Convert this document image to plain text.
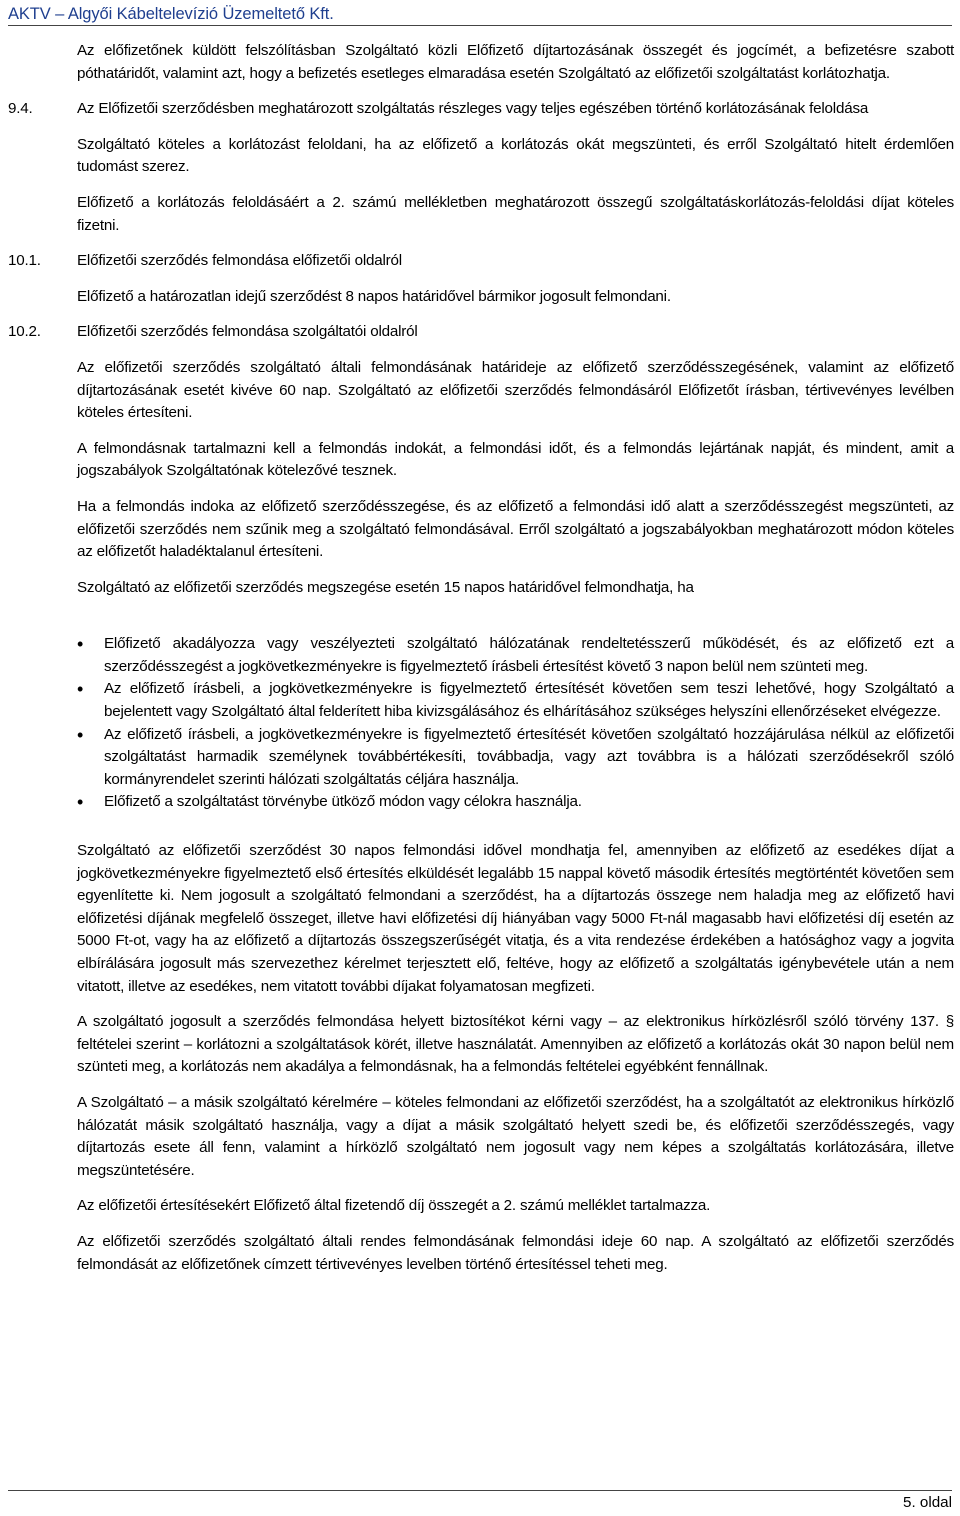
AKTV – Algyői Kábeltelevízió Üzemeltető Kft.

Az előfizetőnek küldött felszólításban Szolgáltató közli Előfizető díjtartozásának összegét és jogcímét, a befizetésre szabott póthatáridőt, valamint azt, hogy a befizetés esetleges elmaradása esetén Szolgáltató az előfizetői szolgáltatást korlátozhatja.

9.4.	Az Előfizetői szerződésben meghatározott szolgáltatás részleges vagy teljes egészében történő korlátozásának feloldása

Szolgáltató köteles a korlátozást feloldani, ha az előfizető a korlátozás okát megszünteti, és erről Szolgáltató hitelt érdemlően tudomást szerez.

Előfizető a korlátozás feloldásáért a 2. számú mellékletben meghatározott összegű szolgáltatáskorlátozás-feloldási díjat köteles fizetni.

10.1.	Előfizetői szerződés felmondása előfizetői oldalról

Előfizető a határozatlan idejű szerződést 8 napos határidővel bármikor jogosult felmondani.

10.2.	Előfizetői szerződés felmondása szolgáltatói oldalról

Az előfizetői szerződés szolgáltató általi felmondásának határideje az előfizető szerződésszegésének, valamint az előfizető díjtartozásának esetét kivéve 60 nap. Szolgáltató az előfizetői szerződés felmondásáról Előfizetőt írásban, tértivevényes levélben köteles értesíteni.

A felmondásnak tartalmazni kell a felmondás indokát, a felmondási időt, és a felmondás lejártának napját, és mindent, amit a jogszabályok Szolgáltatónak kötelezővé tesznek.

Ha a felmondás indoka az előfizető szerződésszegése, és az előfizető a felmondási idő alatt a szerződésszegést megszünteti, az előfizetői szerződés nem szűnik meg a szolgáltató felmondásával. Erről szolgáltató a jogszabályokban meghatározott módon köteles az előfizetőt haladéktalanul értesíteni.

Szolgáltató az előfizetői szerződés megszegése esetén 15 napos határidővel felmondhatja, ha

• Előfizető akadályozza vagy veszélyezteti szolgáltató hálózatának rendeltetésszerű működését, és az előfizető ezt a szerződésszegést a jogkövetkezményekre is figyelmeztető írásbeli értesítést követő 3 napon belül nem szünteti meg.
• Az előfizető írásbeli, a jogkövetkezményekre is figyelmeztető értesítését követően sem teszi lehetővé, hogy Szolgáltató a bejelentett vagy Szolgáltató által felderített hiba kivizsgálásához és elhárításához szükséges helyszíni ellenőrzéseket elvégezze.
• Az előfizető írásbeli, a jogkövetkezményekre is figyelmeztető értesítését követően szolgáltató hozzájárulása nélkül az előfizetői szolgáltatást harmadik személynek továbbértékesíti, továbbadja, vagy azt továbbra is a hálózati szerződésekről szóló kormányrendelet szerinti hálózati szolgáltatás céljára használja.
• Előfizető a szolgáltatást törvénybe ütköző módon vagy célokra használja.

Szolgáltató az előfizetői szerződést 30 napos felmondási idővel mondhatja fel, amennyiben az előfizető az esedékes díjat a jogkövetkezményekre figyelmeztető első értesítés elküldését legalább 15 nappal követő második értesítés megtörténtét követően sem egyenlítette ki. Nem jogosult a szolgáltató felmondani a szerződést, ha a díjtartozás összege nem haladja meg az előfizető havi előfizetési díjának megfelelő összeget, illetve havi előfizetési díj hiányában vagy 5000 Ft-nál magasabb havi előfizetési díj esetén az 5000 Ft-ot, vagy ha az előfizető a díjtartozás összegszerűségét vitatja, és a vita rendezése érdekében a hatósághoz vagy a jogvita elbírálására jogosult más szervezethez kérelmet terjesztett elő, feltéve, hogy az előfizető a szolgáltatás igénybevétele után a nem vitatott, illetve az esedékes, nem vitatott további díjakat folyamatosan megfizeti.

A szolgáltató jogosult a szerződés felmondása helyett biztosítékot kérni vagy – az elektronikus hírközlésről szóló törvény 137. § feltételei szerint – korlátozni a szolgáltatások körét, illetve használatát. Amennyiben az előfizető a korlátozás okát 30 napon belül nem szünteti meg, a korlátozás nem akadálya a felmondásnak, ha a felmondás feltételei egyébként fennállnak.

A Szolgáltató – a másik szolgáltató kérelmére – köteles felmondani az előfizetői szerződést, ha a szolgáltatót az elektronikus hírközlő hálózatát másik szolgáltató használja, vagy a díjat a másik szolgáltató helyett szedi be, és előfizetői szerződésszegés, vagy díjtartozás esete áll fenn, valamint a hírközlő szolgáltató nem jogosult vagy nem képes a szolgáltatás korlátozására, illetve megszüntetésére.

Az előfizetői értesítésekért Előfizető által fizetendő díj összegét a 2. számú melléklet tartalmazza.

Az előfizetői szerződés szolgáltató általi rendes felmondásának felmondási ideje 60 nap. A szolgáltató az előfizetői szerződés felmondását az előfizetőnek címzett tértivevényes levelben történő értesítéssel teheti meg.

5. oldal
